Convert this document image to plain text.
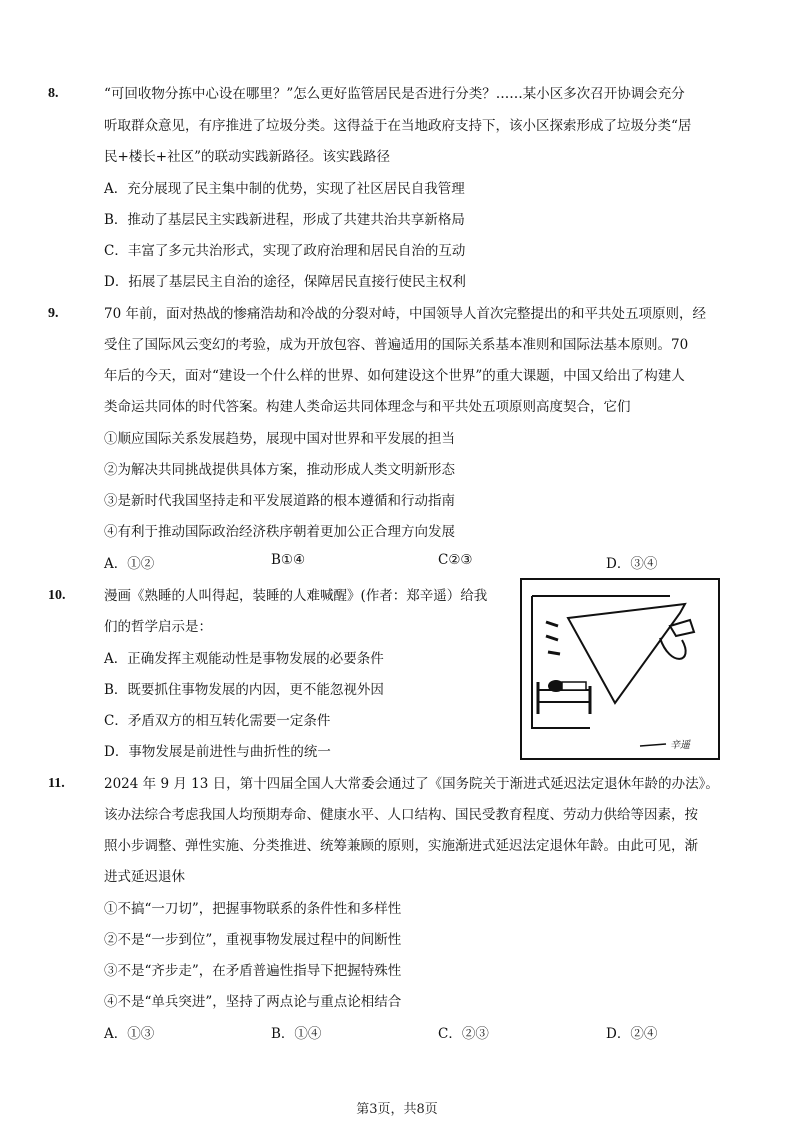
8.	“可回收物分拣中心设在哪里？”怎么更好监管居民是否进行分类？……某小区多次召开协调会充分
听取群众意见，有序推进了垃圾分类。这得益于在当地政府支持下，该小区探索形成了垃圾分类“居
民+楼长+社区”的联动实践新路径。该实践路径
A．充分展现了民主集中制的优势，实现了社区居民自我管理
B．推动了基层民主实践新进程，形成了共建共治共享新格局
C．丰富了多元共治形式，实现了政府治理和居民自治的互动
D．拓展了基层民主自治的途径，保障居民直接行使民主权利
9.	70 年前，面对热战的惨痛浩劫和冷战的分裂对峙，中国领导人首次完整提出的和平共处五项原则，经
受住了国际风云变幻的考验，成为开放包容、普遍适用的国际关系基本准则和国际法基本原则。70
年后的今天，面对“建设一个什么样的世界、如何建设这个世界”的重大课题，中国又给出了构建人
类命运共同体的时代答案。构建人类命运共同体理念与和平共处五项原则高度契合，它们
①顺应国际关系发展趋势，展现中国对世界和平发展的担当
②为解决共同挑战提供具体方案，推动形成人类文明新形态
③是新时代我国坚持走和平发展道路的根本遵循和行动指南
④有利于推动国际政治经济秩序朝着更加公正合理方向发展
A．①②	B①④	C②③	D．③④
10.	漫画《熟睡的人叫得起，装睡的人难喊醒》(作者：郑辛遥）给我
们的哲学启示是：
A．正确发挥主观能动性是事物发展的必要条件
B．既要抓住事物发展的内因，更不能忽视外因
C．矛盾双方的相互转化需要一定条件
D．事物发展是前进性与曲折性的统一	辛遥
11.	2024 年 9 月 13 日，第十四届全国人大常委会通过了《国务院关于渐进式延迟法定退休年龄的办法》。
该办法综合考虑我国人均预期寿命、健康水平、人口结构、国民受教育程度、劳动力供给等因素，按
照小步调整、弹性实施、分类推进、统筹兼顾的原则，实施渐进式延迟法定退休年龄。由此可见，渐
进式延迟退休
①不搞“一刀切”，把握事物联系的条件性和多样性
②不是“一步到位”，重视事物发展过程中的间断性
③不是“齐步走”，在矛盾普遍性指导下把握特殊性
④不是“单兵突进”，坚持了两点论与重点论相结合
A．①③	B．①④	C．②③	D．②④
第3页，共8页
